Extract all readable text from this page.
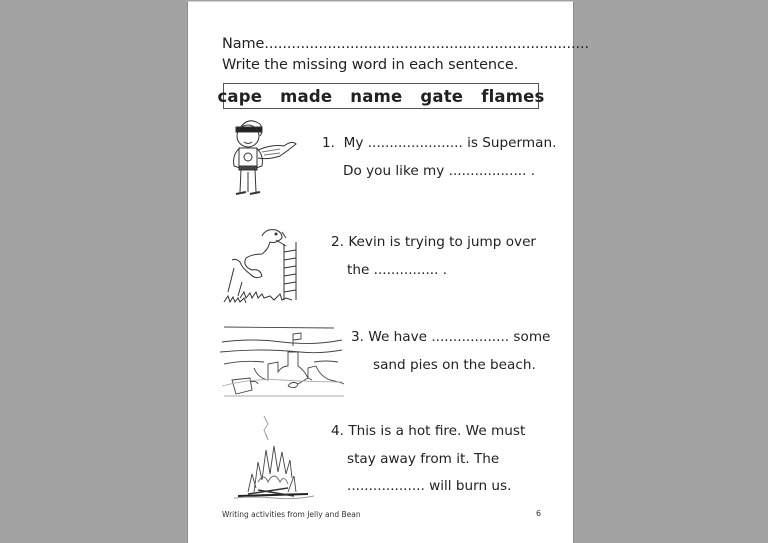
Name........................................................................
Write the missing word in each sentence.
cape made name gate flames
1. My ...................... is Superman.
Do you like my .................. .
2. Kevin is trying to jump over
the ............... .
3. We have .................. some
sand pies on the beach.
4. This is a hot fire. We must
stay away from it. The
.................. will burn us.
Writing activities from Jelly and Bean	6
